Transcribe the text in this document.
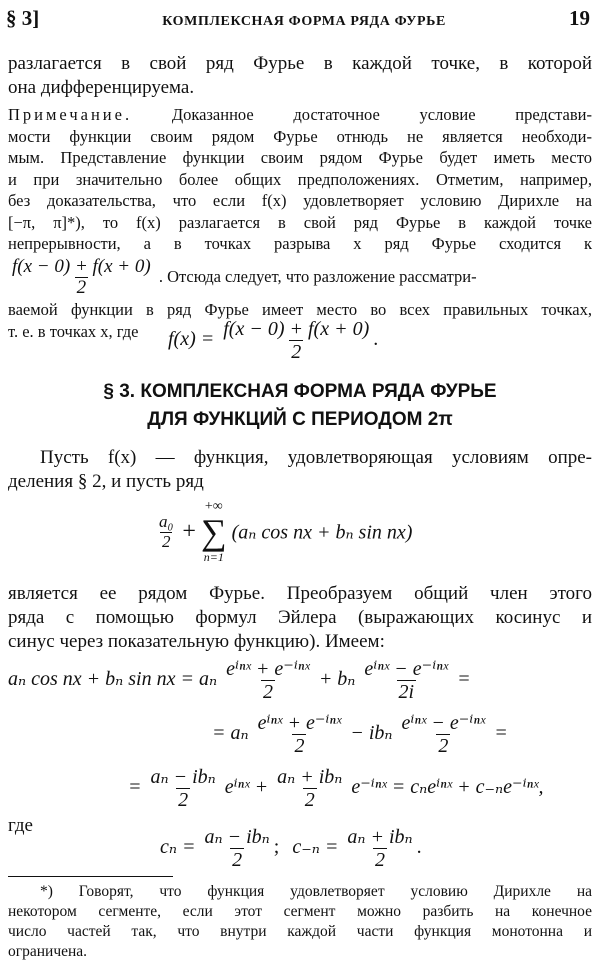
§ 3]	КОМПЛЕКСНАЯ ФОРМА РЯДА ФУРЬЕ	19
разлагается в свой ряд Фурье в каждой точке, в которой
она дифференцируема.
Примечание. Доказанное достаточное условие представи-
мости функции своим рядом Фурье отнюдь не является необходи-
мым. Представление функции своим рядом Фурье будет иметь место
и при значительно более общих предположениях. Отметим, например,
без доказательства, что если f(x) удовлетворяет условию Дирихле на
[−π, π]*), то f(x) разлагается в свой ряд Фурье в каждой точке
непрерывности, а в точках разрыва x ряд Фурье сходится к
$\frac{f(x - 0) + f(x + 0)}{2}$ . Отсюда следует, что разложение рассматри-
ваемой функции в ряд Фурье имеет место во всех правильных точках,
т. е. в точках x, где	$f(x) = \frac{f(x - 0) + f(x + 0)}{2}$ .
§ 3. КОМПЛЕКСНАЯ ФОРМА РЯДА ФУРЬЕ
ДЛЯ ФУНКЦИЙ С ПЕРИОДОМ 2π
Пусть f(x) — функция, удовлетворяющая условиям опре-
деления § 2, и пусть ряд
$\frac{\text{a₀}}{2}$ +
+∞
∑
n=1
(aₙ cos nx + bₙ sin nx)
является ее рядом Фурье. Преобразуем общий член этого
ряда с помощью формул Эйлера (выражающих косинус и
синус через показательную функцию). Имеем:
aₙ cos nx + bₙ sin nx = aₙ $\frac{\text{eⁱⁿˣ + e⁻ⁱⁿˣ}}{2} + b_n \frac{\text{eⁱⁿˣ − e⁻ⁱⁿˣ}}{2i}$ =
= aₙ $\frac{\text{eⁱⁿˣ + e⁻ⁱⁿˣ}}{2} - ib_n \frac{\text{eⁱⁿˣ − e⁻ⁱⁿˣ}}{2}$ =
= $\frac{\text{aₙ − ibₙ}}{2}$ eⁱⁿˣ + $\frac{\text{aₙ + ibₙ}}{2}$ e⁻ⁱⁿˣ = cₙeⁱⁿˣ + c₋ₙe⁻ⁱⁿˣ,
где
$c_n = \frac{\text{aₙ − ibₙ}}{2}$ ; $c_{-n} = \frac{\text{aₙ + ibₙ}}{2}$ .
*) Говорят, что функция удовлетворяет условию Дирихле на
некотором сегменте, если этот сегмент можно разбить на конечное
число частей так, что внутри каждой части функция монотонна и
ограничена.
